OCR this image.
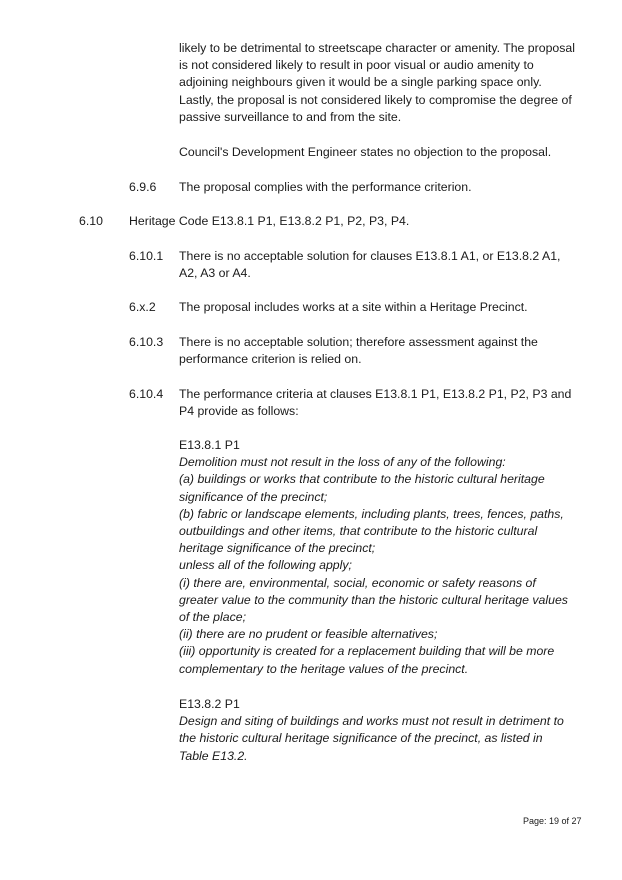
likely to be detrimental to streetscape character or amenity. The proposal
is not considered likely to result in poor visual or audio amenity to
adjoining neighbours given it would be a single parking space only.
Lastly, the proposal is not considered likely to compromise the degree of
passive surveillance to and from the site.
Council's Development Engineer states no objection to the proposal.
6.9.6 The proposal complies with the performance criterion.
6.10 Heritage Code E13.8.1 P1, E13.8.2 P1, P2, P3, P4.
6.10.1 There is no acceptable solution for clauses E13.8.1 A1, or E13.8.2 A1,
A2, A3 or A4.
6.x.2 The proposal includes works at a site within a Heritage Precinct.
6.10.3 There is no acceptable solution; therefore assessment against the
performance criterion is relied on.
6.10.4 The performance criteria at clauses E13.8.1 P1, E13.8.2 P1, P2, P3 and
P4 provide as follows:
E13.8.1 P1
Demolition must not result in the loss of any of the following:
(a) buildings or works that contribute to the historic cultural heritage
significance of the precinct;
(b) fabric or landscape elements, including plants, trees, fences, paths,
outbuildings and other items, that contribute to the historic cultural
heritage significance of the precinct;
unless all of the following apply;
(i) there are, environmental, social, economic or safety reasons of
greater value to the community than the historic cultural heritage values
of the place;
(ii) there are no prudent or feasible alternatives;
(iii) opportunity is created for a replacement building that will be more
complementary to the heritage values of the precinct.
E13.8.2 P1
Design and siting of buildings and works must not result in detriment to
the historic cultural heritage significance of the precinct, as listed in
Table E13.2.
Page: 19 of 27
